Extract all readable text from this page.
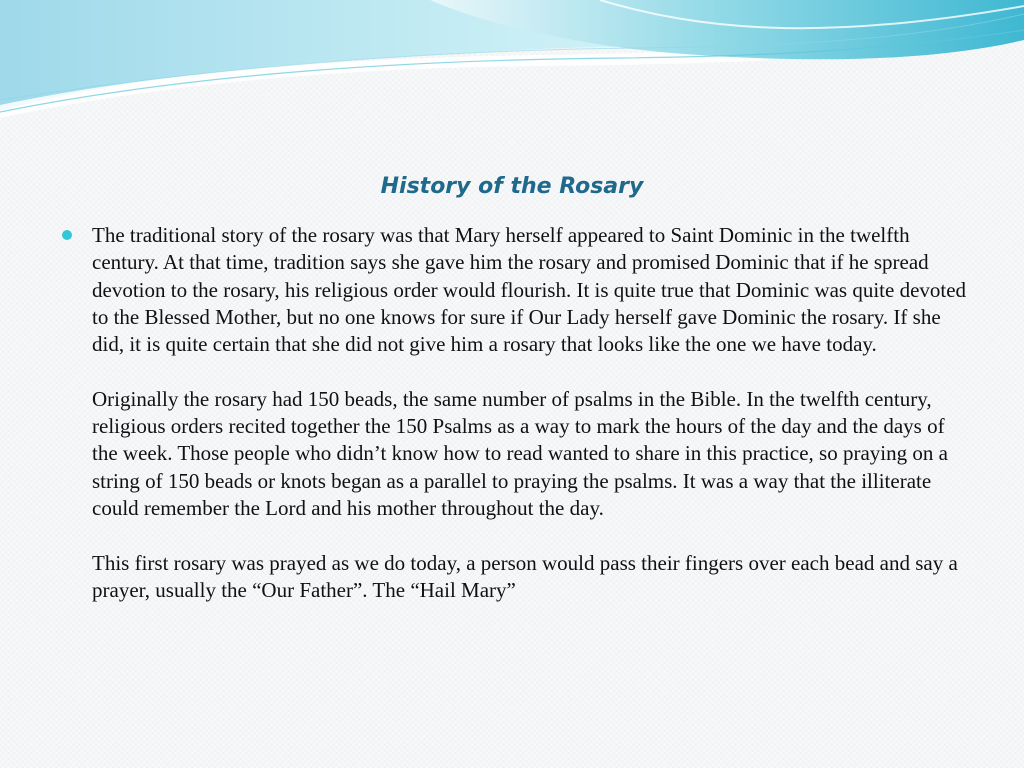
History of the Rosary

The traditional story of the rosary was that Mary herself appeared to Saint Dominic in the twelfth century. At that time, tradition says she gave him the rosary and promised Dominic that if he spread devotion to the rosary, his religious order would flourish. It is quite true that Dominic was quite devoted to the Blessed Mother, but no one knows for sure if Our Lady herself gave Dominic the rosary. If she did, it is quite certain that she did not give him a rosary that looks like the one we have today.

Originally the rosary had 150 beads, the same number of psalms in the Bible. In the twelfth century, religious orders recited together the 150 Psalms as a way to mark the hours of the day and the days of the week. Those people who didn’t know how to read wanted to share in this practice, so praying on a string of 150 beads or knots began as a parallel to praying the psalms. It was a way that the illiterate could remember the Lord and his mother throughout the day.

This first rosary was prayed as we do today, a person would pass their fingers over each bead and say a prayer, usually the “Our Father”. The “Hail Mary”
